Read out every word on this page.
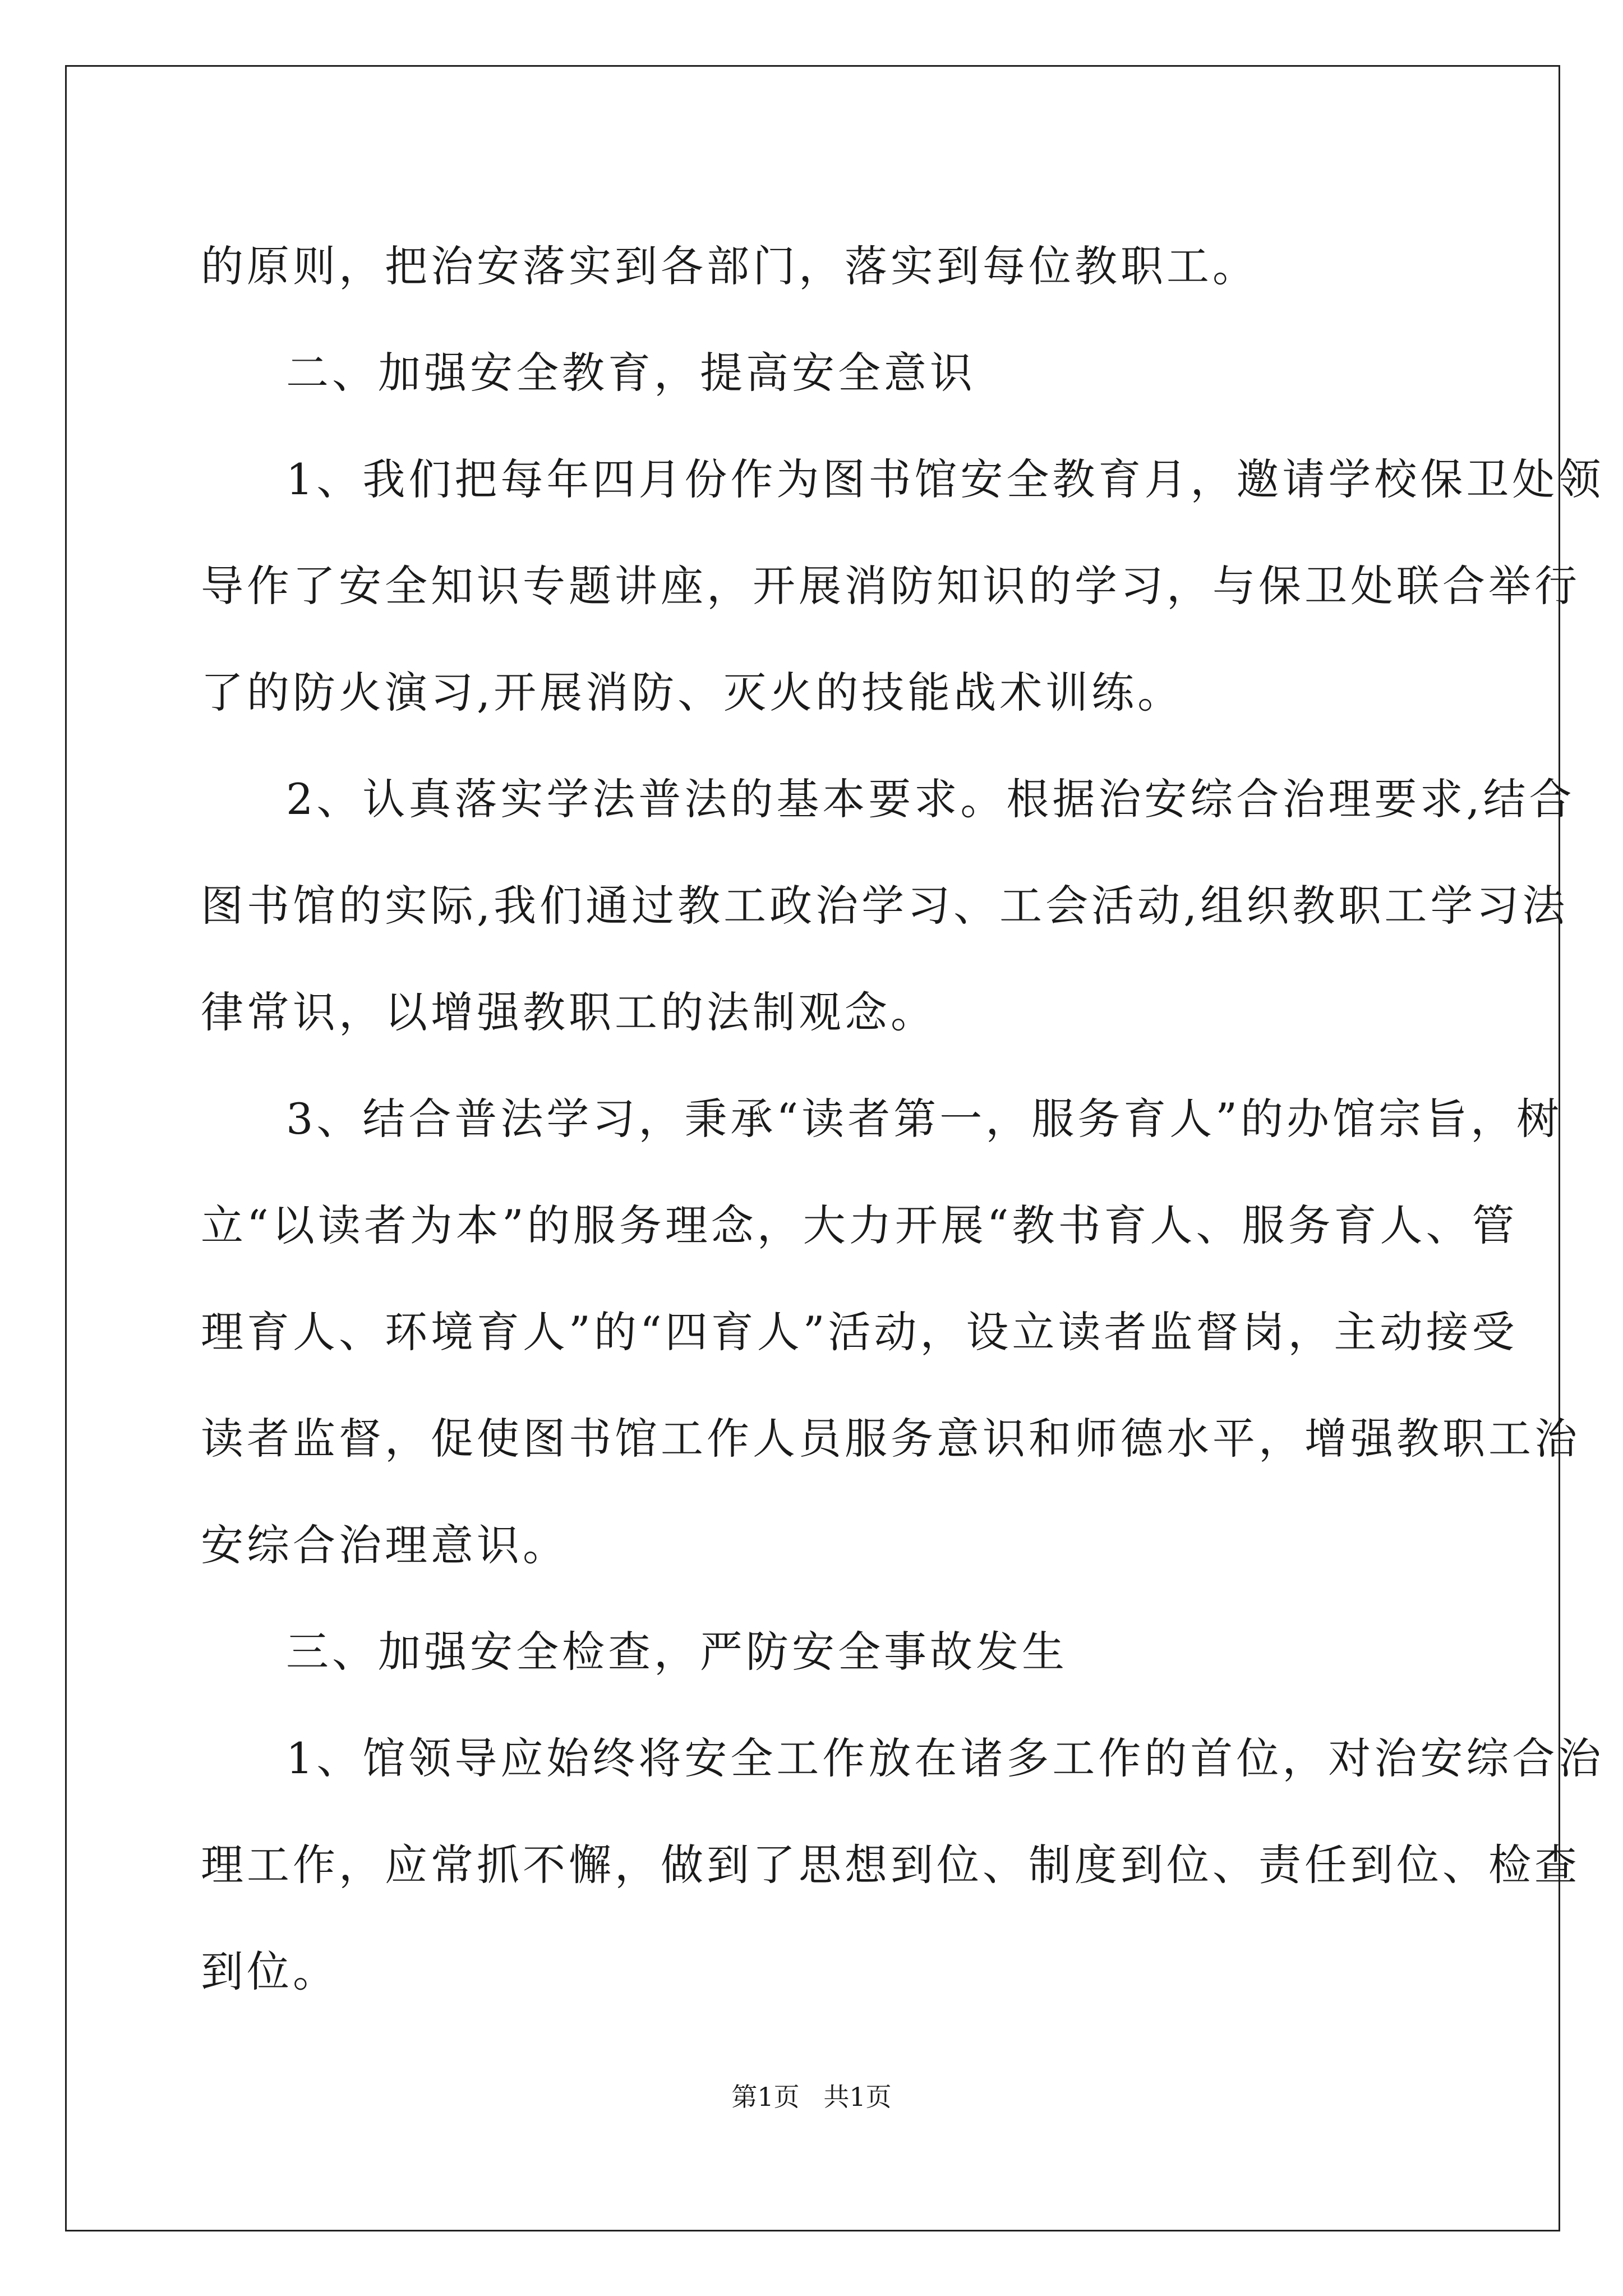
的原则，把治安落实到各部门，落实到每位教职工。
二、加强安全教育，提高安全意识
1、我们把每年四月份作为图书馆安全教育月，邀请学校保卫处领
导作了安全知识专题讲座，开展消防知识的学习，与保卫处联合举行
了的防火演习,开展消防、灭火的技能战术训练。
2、认真落实学法普法的基本要求。根据治安综合治理要求,结合
图书馆的实际,我们通过教工政治学习、工会活动,组织教职工学习法
律常识，以增强教职工的法制观念。
3、结合普法学习，秉承“读者第一，服务育人”的办馆宗旨，树
立“以读者为本”的服务理念，大力开展“教书育人、服务育人、管
理育人、环境育人”的“四育人”活动，设立读者监督岗，主动接受
读者监督，促使图书馆工作人员服务意识和师德水平，增强教职工治
安综合治理意识。
三、加强安全检查，严防安全事故发生
1、馆领导应始终将安全工作放在诸多工作的首位，对治安综合治
理工作，应常抓不懈，做到了思想到位、制度到位、责任到位、检查
到位。
第1页 共1页
